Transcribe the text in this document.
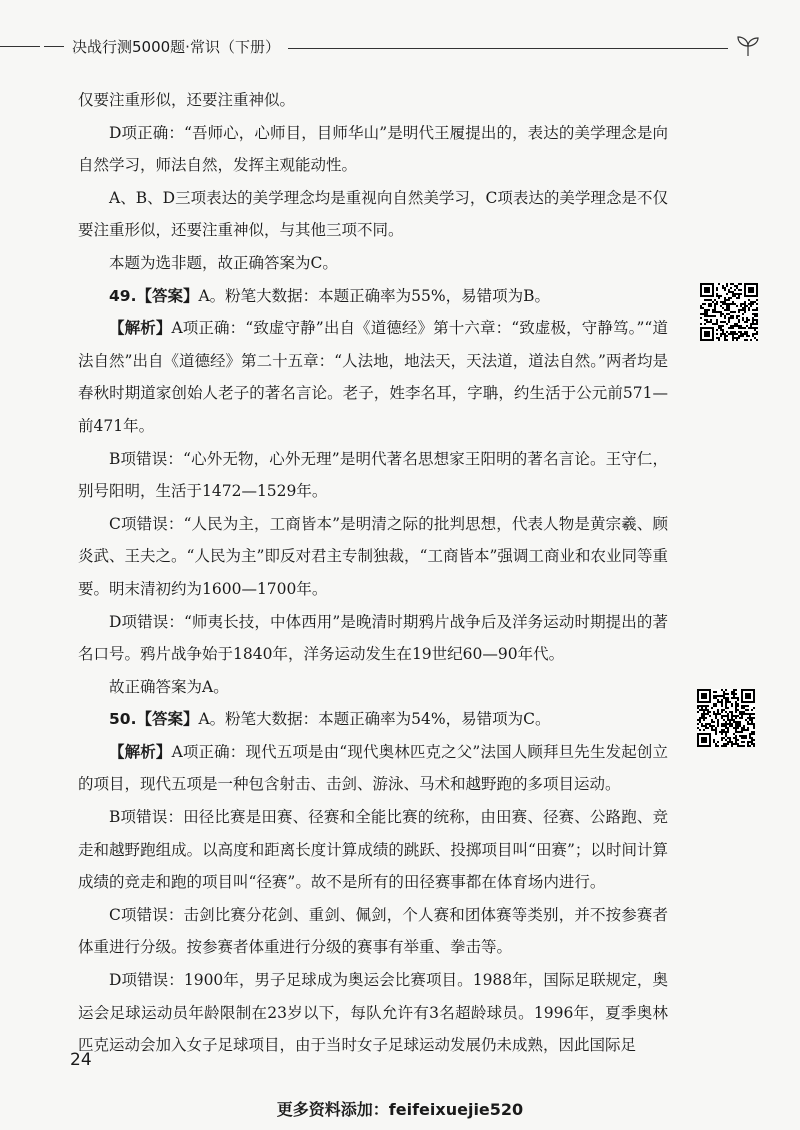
决战行测5000题·常识（下册）

仅要注重形似，还要注重神似。

D项正确：“吾师心，心师目，目师华山”是明代王履提出的，表达的美学理念是向自然学习，师法自然，发挥主观能动性。

A、B、D三项表达的美学理念均是重视向自然美学习，C项表达的美学理念是不仅要注重形似，还要注重神似，与其他三项不同。

本题为选非题，故正确答案为C。

49.【答案】A。粉笔大数据：本题正确率为55%，易错项为B。

【解析】A项正确：“致虚守静”出自《道德经》第十六章：“致虚极，守静笃。”“道法自然”出自《道德经》第二十五章：“人法地，地法天，天法道，道法自然。”两者均是春秋时期道家创始人老子的著名言论。老子，姓李名耳，字聃，约生活于公元前571—前471年。

B项错误：“心外无物，心外无理”是明代著名思想家王阳明的著名言论。王守仁，别号阳明，生活于1472—1529年。

C项错误：“人民为主，工商皆本”是明清之际的批判思想，代表人物是黄宗羲、顾炎武、王夫之。“人民为主”即反对君主专制独裁，“工商皆本”强调工商业和农业同等重要。明末清初约为1600—1700年。

D项错误：“师夷长技，中体西用”是晚清时期鸦片战争后及洋务运动时期提出的著名口号。鸦片战争始于1840年，洋务运动发生在19世纪60—90年代。

故正确答案为A。

50.【答案】A。粉笔大数据：本题正确率为54%，易错项为C。

【解析】A项正确：现代五项是由“现代奥林匹克之父”法国人顾拜旦先生发起创立的项目，现代五项是一种包含射击、击剑、游泳、马术和越野跑的多项目运动。

B项错误：田径比赛是田赛、径赛和全能比赛的统称，由田赛、径赛、公路跑、竞走和越野跑组成。以高度和距离长度计算成绩的跳跃、投掷项目叫“田赛”；以时间计算成绩的竞走和跑的项目叫“径赛”。故不是所有的田径赛事都在体育场内进行。

C项错误：击剑比赛分花剑、重剑、佩剑，个人赛和团体赛等类别，并不按参赛者体重进行分级。按参赛者体重进行分级的赛事有举重、拳击等。

D项错误：1900年，男子足球成为奥运会比赛项目。1988年，国际足联规定，奥运会足球运动员年龄限制在23岁以下，每队允许有3名超龄球员。1996年，夏季奥林匹克运动会加入女子足球项目，由于当时女子足球运动发展仍未成熟，因此国际足

24
更多资料添加：feifeixuejie520
